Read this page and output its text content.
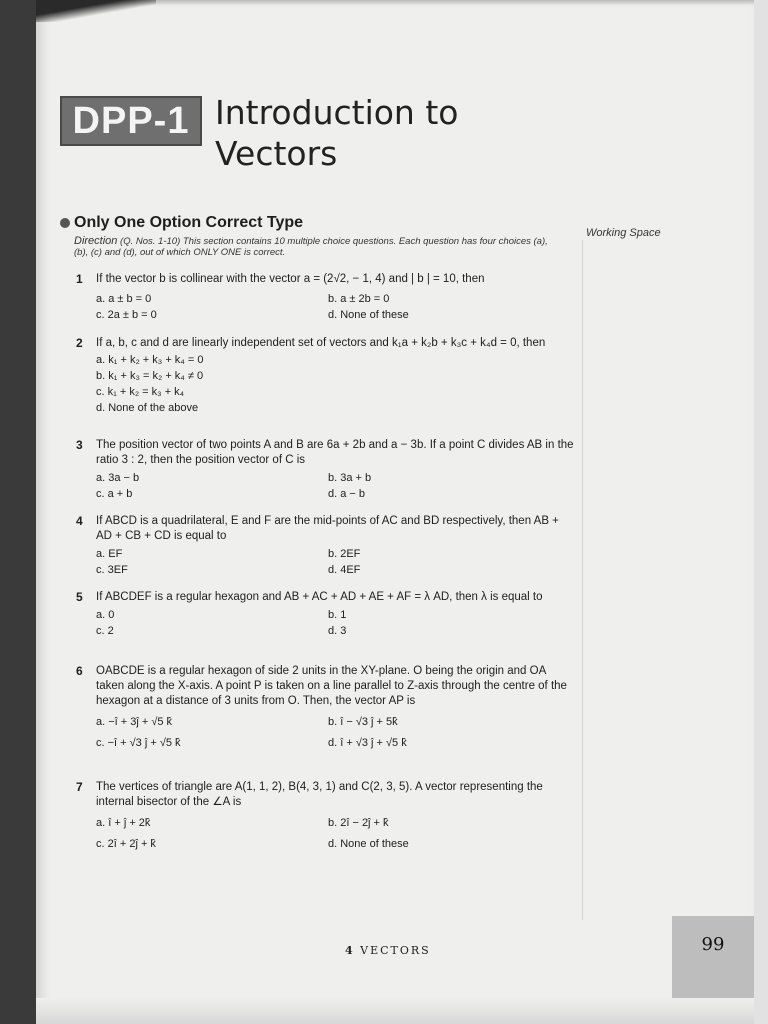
DPP-1 Introduction to Vectors
Only One Option Correct Type
Direction (Q. Nos. 1-10) This section contains 10 multiple choice questions. Each question has four choices (a), (b), (c) and (d), out of which ONLY ONE is correct.
Working Space
1 If the vector b is collinear with the vector a = (2√2, − 1, 4) and | b | = 10, then
a. a ± b = 0	b. a ± 2b = 0
c. 2a ± b = 0	d. None of these
2 If a, b, c and d are linearly independent set of vectors and k₁a + k₂b + k₃c + k₄d = 0, then
a. k₁ + k₂ + k₃ + k₄ = 0
b. k₁ + k₃ = k₂ + k₄ ≠ 0
c. k₁ + k₂ = k₃ + k₄
d. None of the above
3 The position vector of two points A and B are 6a + 2b and a − 3b. If a point C divides AB in the ratio 3 : 2, then the position vector of C is
a. 3a − b	b. 3a + b
c. a + b	d. a − b
4 If ABCD is a quadrilateral, E and F are the mid-points of AC and BD respectively, then AB + AD + CB + CD is equal to
a. EF	b. 2EF
c. 3EF	d. 4EF
5 If ABCDEF is a regular hexagon and AB + AC + AD + AE + AF = λ AD, then λ is equal to
a. 0	b. 1
c. 2	d. 3
6 OABCDE is a regular hexagon of side 2 units in the XY-plane. O being the origin and OA taken along the X-axis. A point P is taken on a line parallel to Z-axis through the centre of the hexagon at a distance of 3 units from O. Then, the vector AP is
a. −î + 3ĵ + √5 k̂	b. î − √3 ĵ + 5k̂
c. −î + √3 ĵ + √5 k̂	d. î + √3 ĵ + √5 k̂
7 The vertices of triangle are A(1, 1, 2), B(4, 3, 1) and C(2, 3, 5). A vector representing the internal bisector of the ∠A is
a. î + ĵ + 2k̂	b. 2î − 2ĵ + k̂
c. 2î + 2ĵ + k̂	d. None of these
4 VECTORS	99
